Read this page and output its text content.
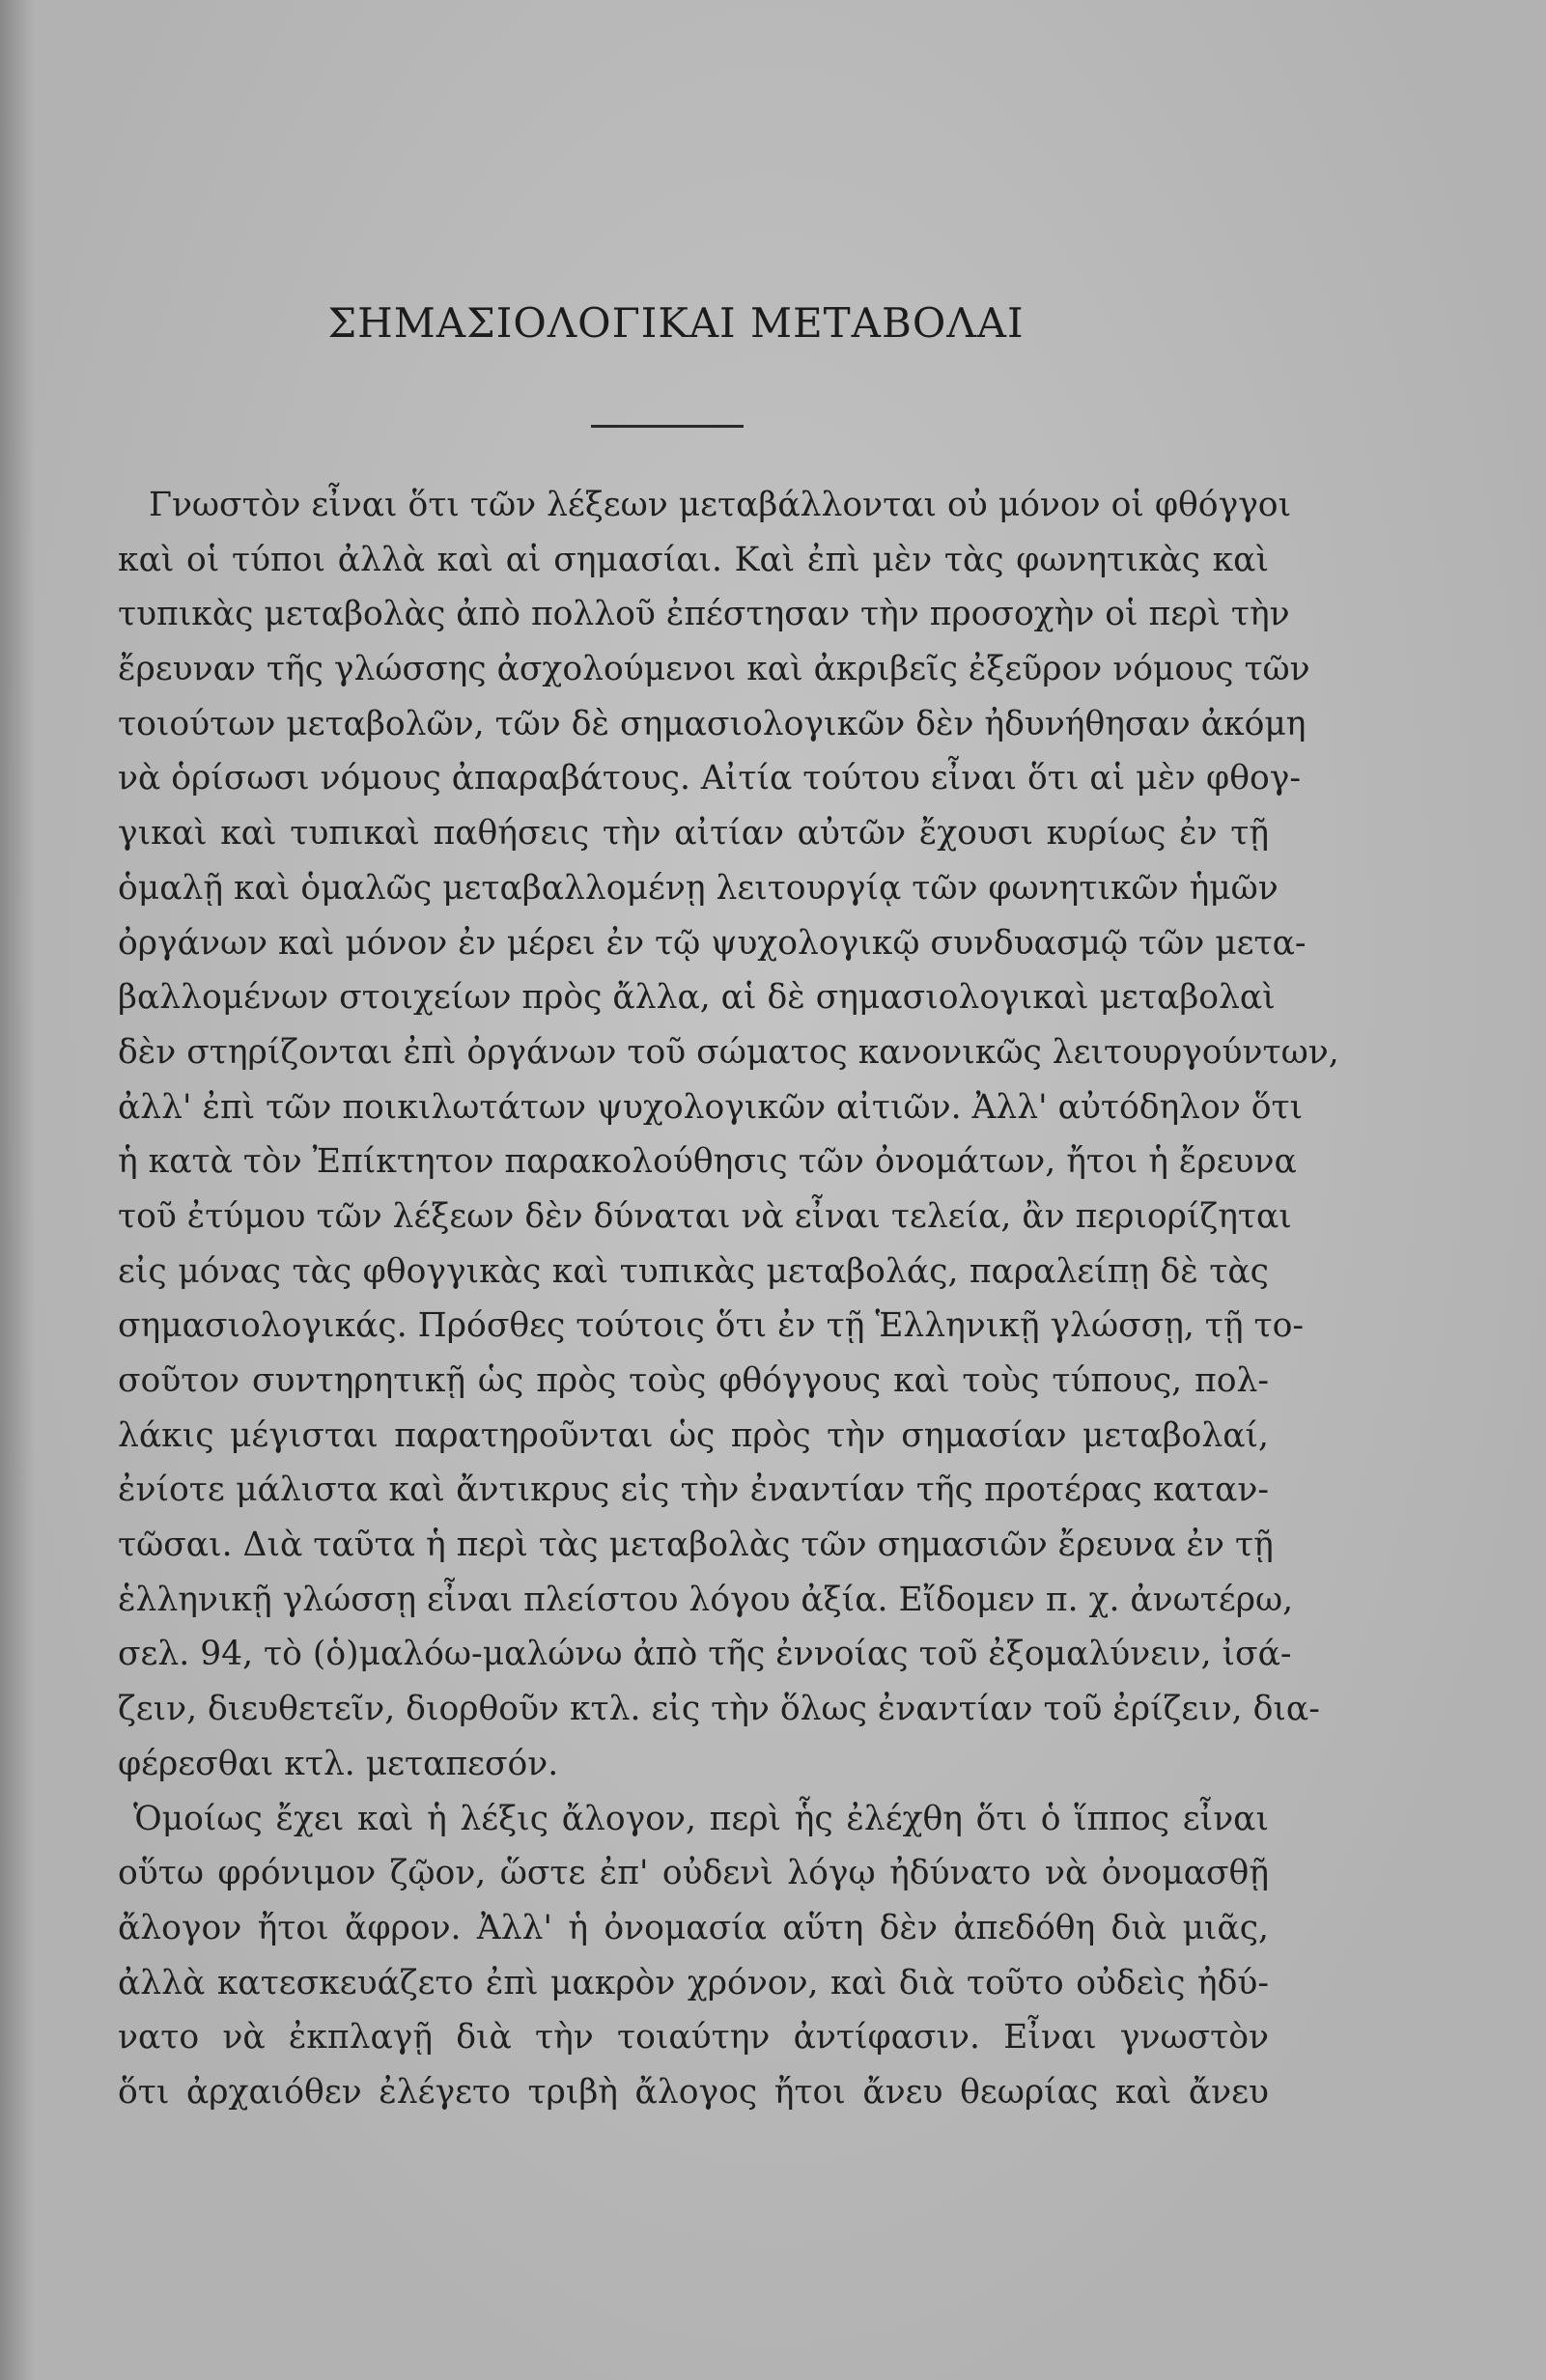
ΣΗΜΑΣΙΟΛΟΓΙΚΑΙ ΜΕΤΑΒΟΛΑΙ
Γνωστὸν εἶναι ὅτι τῶν λέξεων μεταβάλλονται οὐ μόνον οἱ φθόγγοι
καὶ οἱ τύποι ἀλλὰ καὶ αἱ σημασίαι. Καὶ ἐπὶ μὲν τὰς φωνητικὰς καὶ
τυπικὰς μεταβολὰς ἀπὸ πολλοῦ ἐπέστησαν τὴν προσοχὴν οἱ περὶ τὴν
ἔρευναν τῆς γλώσσης ἀσχολούμενοι καὶ ἀκριβεῖς ἐξεῦρον νόμους τῶν
τοιούτων μεταβολῶν, τῶν δὲ σημασιολογικῶν δὲν ἠδυνήθησαν ἀκόμη
νὰ ὁρίσωσι νόμους ἀπαραβάτους. Αἰτία τούτου εἶναι ὅτι αἱ μὲν φθογ-
γικαὶ καὶ τυπικαὶ παθήσεις τὴν αἰτίαν αὐτῶν ἔχουσι κυρίως ἐν τῇ
ὁμαλῇ καὶ ὁμαλῶς μεταβαλλομένῃ λειτουργίᾳ τῶν φωνητικῶν ἡμῶν
ὀργάνων καὶ μόνον ἐν μέρει ἐν τῷ ψυχολογικῷ συνδυασμῷ τῶν μετα-
βαλλομένων στοιχείων πρὸς ἄλλα, αἱ δὲ σημασιολογικαὶ μεταβολαὶ
δὲν στηρίζονται ἐπὶ ὀργάνων τοῦ σώματος κανονικῶς λειτουργούντων,
ἀλλ' ἐπὶ τῶν ποικιλωτάτων ψυχολογικῶν αἰτιῶν. Ἀλλ' αὐτόδηλον ὅτι
ἡ κατὰ τὸν Ἐπίκτητον παρακολούθησις τῶν ὀνομάτων, ἤτοι ἡ ἔρευνα
τοῦ ἐτύμου τῶν λέξεων δὲν δύναται νὰ εἶναι τελεία, ἂν περιορίζηται
εἰς μόνας τὰς φθογγικὰς καὶ τυπικὰς μεταβολάς, παραλείπῃ δὲ τὰς
σημασιολογικάς. Πρόσθες τούτοις ὅτι ἐν τῇ Ἑλληνικῇ γλώσσῃ, τῇ το-
σοῦτον συντηρητικῇ ὡς πρὸς τοὺς φθόγγους καὶ τοὺς τύπους, πολ-
λάκις μέγισται παρατηροῦνται ὡς πρὸς τὴν σημασίαν μεταβολαί,
ἐνίοτε μάλιστα καὶ ἄντικρυς εἰς τὴν ἐναντίαν τῆς προτέρας καταν-
τῶσαι. Διὰ ταῦτα ἡ περὶ τὰς μεταβολὰς τῶν σημασιῶν ἔρευνα ἐν τῇ
ἑλληνικῇ γλώσσῃ εἶναι πλείστου λόγου ἀξία. Εἴδομεν π. χ. ἀνωτέρω,
σελ. 94, τὸ (ὁ)μαλόω-μαλώνω ἀπὸ τῆς ἐννοίας τοῦ ἐξομαλύνειν, ἰσά-
ζειν, διευθετεῖν, διορθοῦν κτλ. εἰς τὴν ὅλως ἐναντίαν τοῦ ἐρίζειν, δια-
φέρεσθαι κτλ. μεταπεσόν.
Ὁμοίως ἔχει καὶ ἡ λέξις ἄλογον, περὶ ἧς ἐλέχθη ὅτι ὁ ἵππος εἶναι
οὕτω φρόνιμον ζῷον, ὥστε ἐπ' οὐδενὶ λόγῳ ἠδύνατο νὰ ὀνομασθῇ
ἄλογον ἤτοι ἄφρον. Ἀλλ' ἡ ὀνομασία αὕτη δὲν ἀπεδόθη διὰ μιᾶς,
ἀλλὰ κατεσκευάζετο ἐπὶ μακρὸν χρόνον, καὶ διὰ τοῦτο οὐδεὶς ἠδύ-
νατο νὰ ἐκπλαγῇ διὰ τὴν τοιαύτην ἀντίφασιν. Εἶναι γνωστὸν
ὅτι ἀρχαιόθεν ἐλέγετο τριβὴ ἄλογος ἤτοι ἄνευ θεωρίας καὶ ἄνευ
